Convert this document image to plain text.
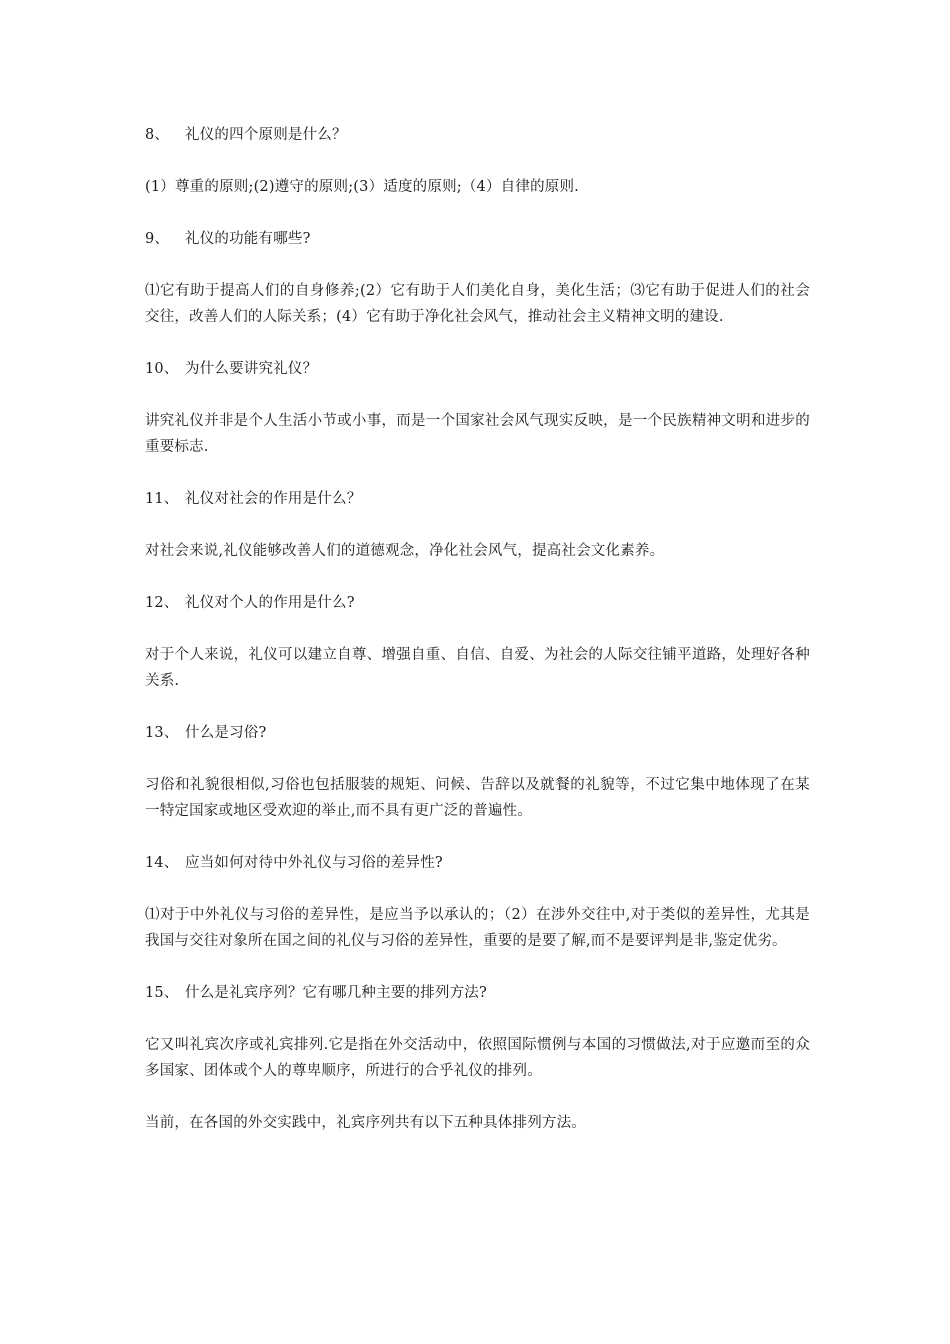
8、 礼仪的四个原则是什么？

(1）尊重的原则;(2)遵守的原则;(3）适度的原则;（4）自律的原则.

9、 礼仪的功能有哪些?

⑴它有助于提高人们的自身修养;(2）它有助于人们美化自身，美化生活；⑶它有助于促进人们的社会交往，改善人们的人际关系；(4）它有助于净化社会风气，推动社会主义精神文明的建设.

10、 为什么要讲究礼仪？

讲究礼仪并非是个人生活小节或小事，而是一个国家社会风气现实反映，是一个民族精神文明和进步的重要标志.

11、 礼仪对社会的作用是什么？

对社会来说,礼仪能够改善人们的道德观念，净化社会风气，提高社会文化素养。

12、 礼仪对个人的作用是什么?

对于个人来说，礼仪可以建立自尊、增强自重、自信、自爱、为社会的人际交往铺平道路，处理好各种关系.

13、 什么是习俗?

习俗和礼貌很相似,习俗也包括服装的规矩、问候、告辞以及就餐的礼貌等，不过它集中地体现了在某一特定国家或地区受欢迎的举止,而不具有更广泛的普遍性。

14、 应当如何对待中外礼仪与习俗的差异性?

⑴对于中外礼仪与习俗的差异性，是应当予以承认的；（2）在涉外交往中,对于类似的差异性，尤其是我国与交往对象所在国之间的礼仪与习俗的差异性，重要的是要了解,而不是要评判是非,鉴定优劣。

15、 什么是礼宾序列？它有哪几种主要的排列方法?

它又叫礼宾次序或礼宾排列.它是指在外交活动中，依照国际惯例与本国的习惯做法,对于应邀而至的众多国家、团体或个人的尊卑顺序，所进行的合乎礼仪的排列。

当前，在各国的外交实践中，礼宾序列共有以下五种具体排列方法。
